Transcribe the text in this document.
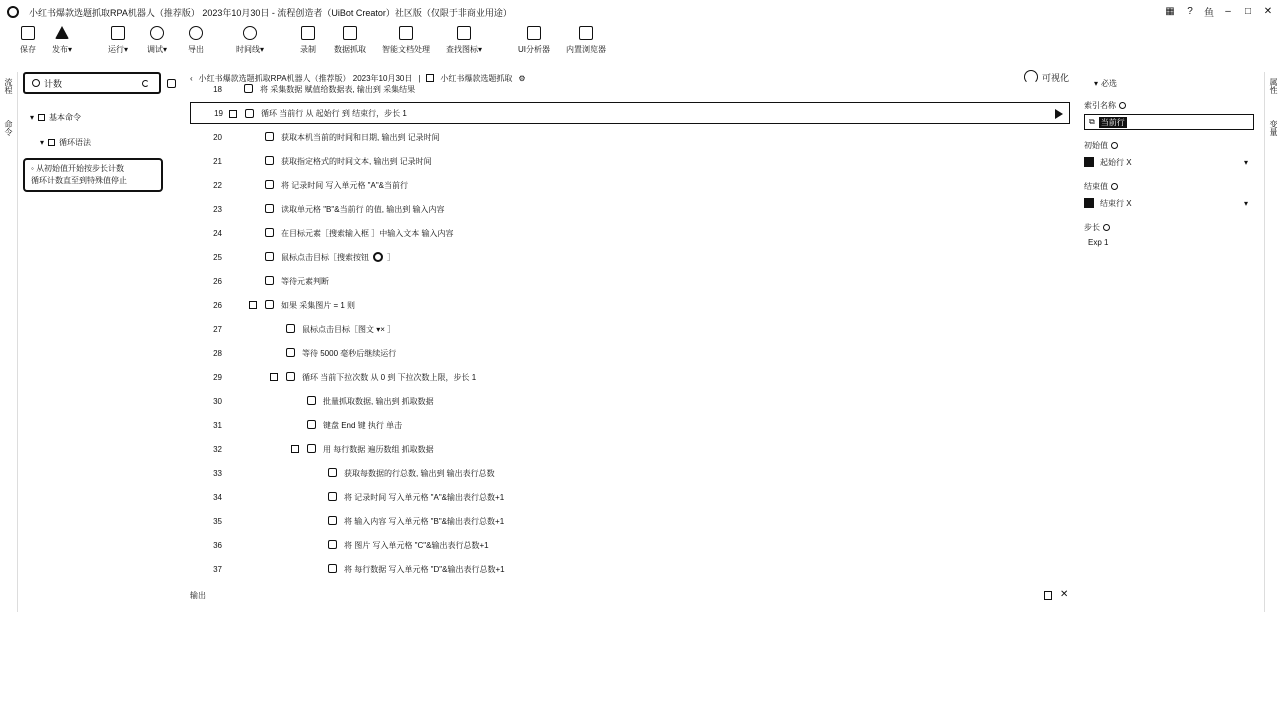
小红书爆款选题抓取RPA机器人（推荐版） 2023年10月30日 - 流程创造者（UiBot Creator）社区版（仅限于非商业用途）	▦	?	鱼	–	□ ✕
保存 发布▾	运行▾ 调试▾	导出	时间线▾	录制 数据抓取 智能文档处理 查找图标▾	UI分析器 内置浏览器
流程
命令
计数
▾ 基本命令
▾ 循环语法
◦ 从初始值开始按步长计数
循环计数直至到特殊值停止
‹ 小红书爆款选题抓取RPA机器人（推荐版） 2023年10月30日 |	小红书爆款选题抓取 ⚙	可视化
18	将 采集数据 赋值给数据表, 输出到 采集结果
19	循环 当前行 从 起始行 到 结束行，步长 1
20	获取本机当前的时间和日期, 输出到 记录时间
21	获取指定格式的时间文本, 输出到 记录时间
22	将 记录时间 写入单元格 "A"&当前行
23	读取单元格 "B"&当前行 的值, 输出到 输入内容
24	在目标元素［搜索输入框 ］中输入文本 输入内容
25	鼠标点击目标［搜索按钮 ］
26	等待元素判断
26	如果 采集图片 = 1 则
27	鼠标点击目标［图文 ▾× ］
28	等待 5000 毫秒后继续运行
29	循环 当前下拉次数 从 0 到 下拉次数上限，步长 1
30	批量抓取数据, 输出到 抓取数据
31	键盘 End 键 执行 单击
32	用 每行数据 遍历数组 抓取数据
33	获取每数据的行总数, 输出到 输出表行总数
34	将 记录时间 写入单元格 "A"&输出表行总数+1
35	将 输入内容 写入单元格 "B"&输出表行总数+1
36	将 图片 写入单元格 "C"&输出表行总数+1
37	将 每行数据 写入单元格 "D"&输出表行总数+1
输出	✕
▾ 必选
索引名称
⧉ 当前行
初始值
起始行 X	▾
结束值
结束行 X	▾
步长
Exp 1
属性
变量
